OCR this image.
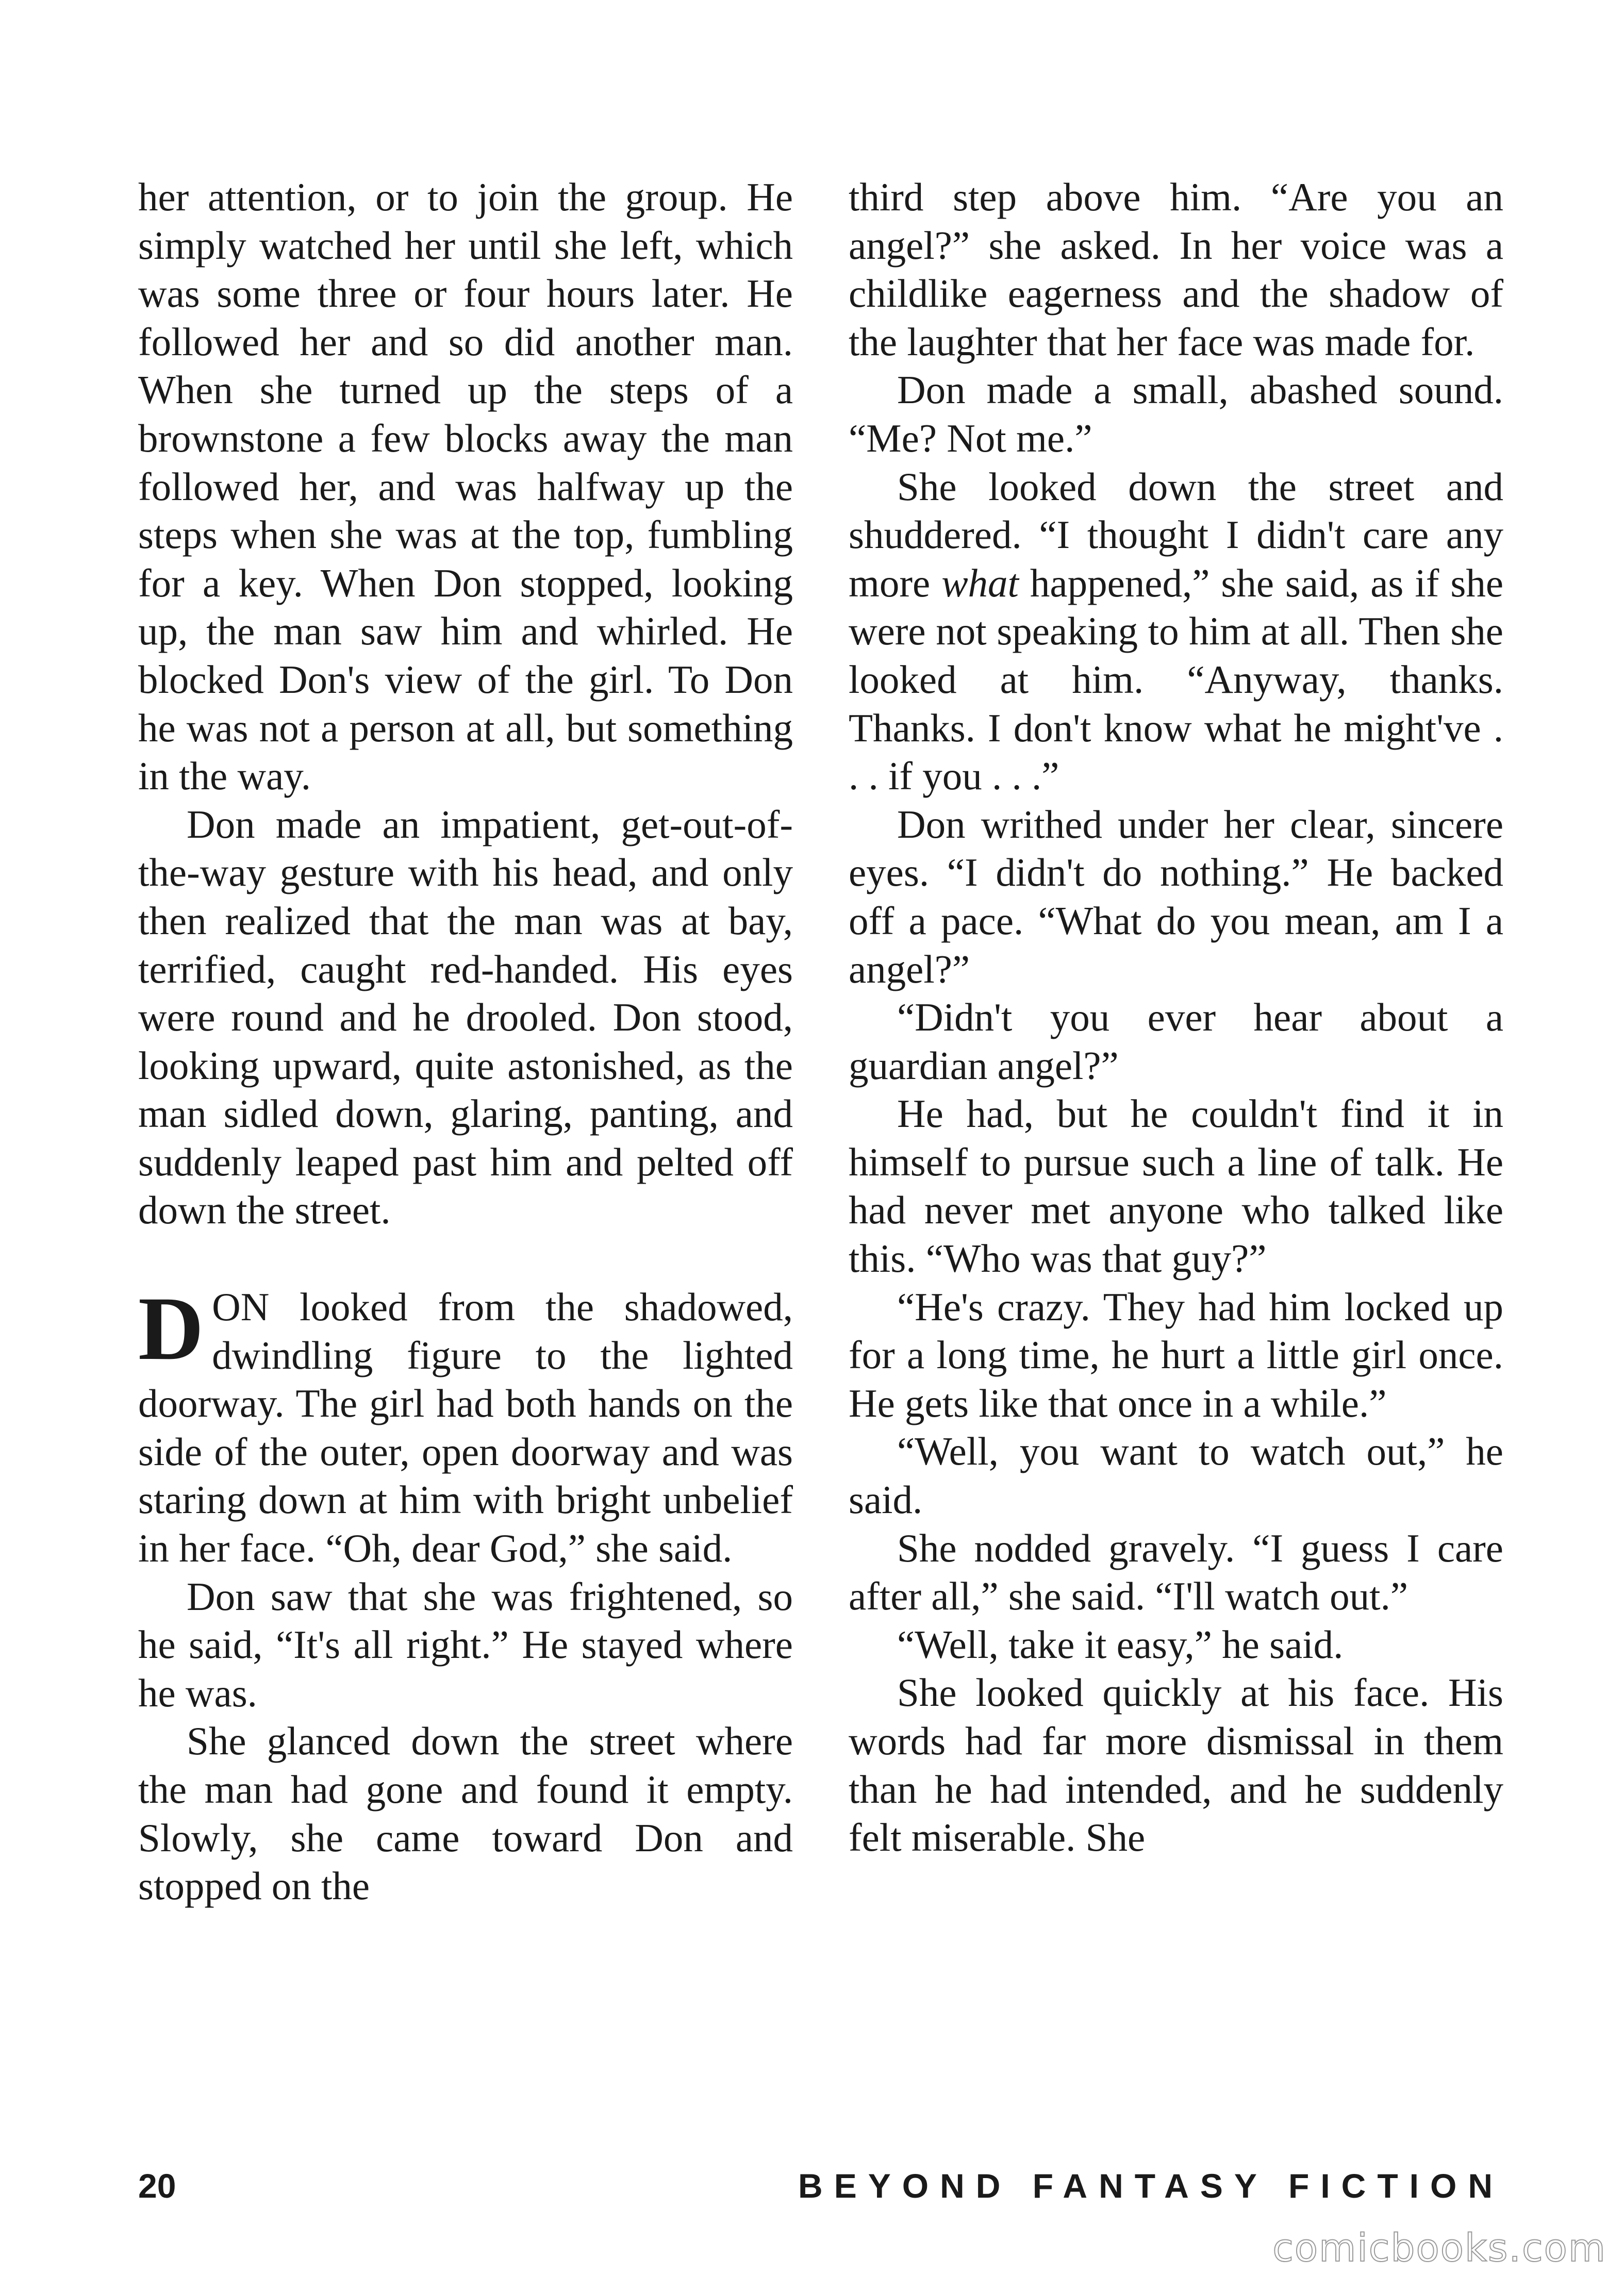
her attention, or to join the group. He simply watched her until she left, which was some three or four hours later. He followed her and so did another man. When she turned up the steps of a brownstone a few blocks away the man followed her, and was halfway up the steps when she was at the top, fumbling for a key. When Don stopped, looking up, the man saw him and whirled. He blocked Don's view of the girl. To Don he was not a person at all, but something in the way.

Don made an impatient, get-out-of-the-way gesture with his head, and only then realized that the man was at bay, terrified, caught red-handed. His eyes were round and he drooled. Don stood, looking upward, quite astonished, as the man sidled down, glaring, panting, and suddenly leaped past him and pelted off down the street.

DON looked from the shadowed, dwindling figure to the lighted doorway. The girl had both hands on the side of the outer, open doorway and was staring down at him with bright unbelief in her face. “Oh, dear God,” she said.

Don saw that she was frightened, so he said, “It's all right.” He stayed where he was.

She glanced down the street where the man had gone and found it empty. Slowly, she came toward Don and stopped on the

third step above him. “Are you an angel?” she asked. In her voice was a childlike eagerness and the shadow of the laughter that her face was made for.

Don made a small, abashed sound. “Me? Not me.”

She looked down the street and shuddered. “I thought I didn't care any more what happened,” she said, as if she were not speaking to him at all. Then she looked at him. “Anyway, thanks. Thanks. I don't know what he might've . . . if you . . .”

Don writhed under her clear, sincere eyes. “I didn't do nothing.” He backed off a pace. “What do you mean, am I a angel?”

“Didn't you ever hear about a guardian angel?”

He had, but he couldn't find it in himself to pursue such a line of talk. He had never met anyone who talked like this. “Who was that guy?”

“He's crazy. They had him locked up for a long time, he hurt a little girl once. He gets like that once in a while.”

“Well, you want to watch out,” he said.

She nodded gravely. “I guess I care after all,” she said. “I'll watch out.”

“Well, take it easy,” he said.

She looked quickly at his face. His words had far more dismissal in them than he had intended, and he suddenly felt miserable. She

20	BEYOND FANTASY FICTION
comicbooks.com
